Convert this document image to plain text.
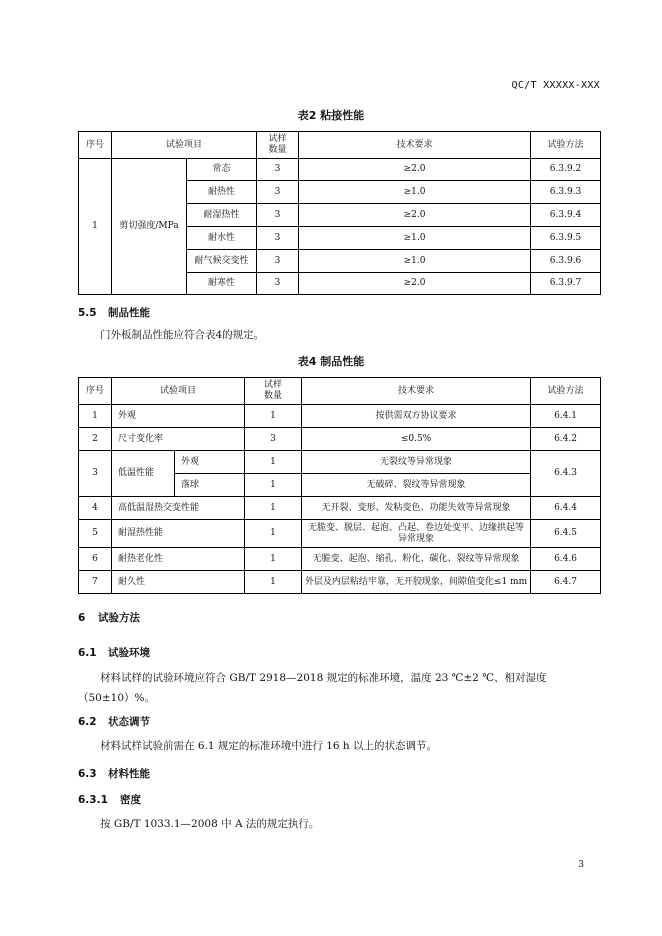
QC/T XXXXX-XXX
表2 粘接性能
序号	试验项目		试样
数量	技术要求	试验方法
1	剪切强度/MPa	常态	3	≥2.0	6.3.9.2
		耐热性	3	≥1.0	6.3.9.3
		耐湿热性	3	≥2.0	6.3.9.4
		耐水性	3	≥1.0	6.3.9.5
		耐气候交变性	3	≥1.0	6.3.9.6
		耐寒性	3	≥2.0	6.3.9.7
5.5 制品性能
门外板制品性能应符合表4的规定。
表4 制品性能
序号	试验项目		试样
数量	技术要求	试验方法
1	外观		1	按供需双方协议要求	6.4.1
2	尺寸变化率		3	≤0.5%	6.4.2
3	低温性能	外观	1	无裂纹等异常现象	6.4.3
		落球	1	无破碎、裂纹等异常现象	
4	高低温湿热交变性能		1	无开裂、变形、发粘变色、功能失效等异常现象	6.4.4
5	耐湿热性能		1	无脆变、脱层、起泡、凸起、卷边处变平、边缘拱起等
异常现象	6.4.5
6	耐热老化性		1	无脆变、起泡、缩孔、粉化、碳化、裂纹等异常现象	6.4.6
7	耐久性		1	外层及内层粘结牢靠，无开胶现象，间隙值变化≤1 mm	6.4.7
6 试验方法
6.1 试验环境
材料试样的试验环境应符合 GB/T 2918—2018 规定的标准环境，温度 23 ℃±2 ℃、相对湿度（50±10）%。
6.2 状态调节
材料试样试验前需在 6.1 规定的标准环境中进行 16 h 以上的状态调节。
6.3 材料性能
6.3.1 密度
按 GB/T 1033.1—2008 中 A 法的规定执行。
3
